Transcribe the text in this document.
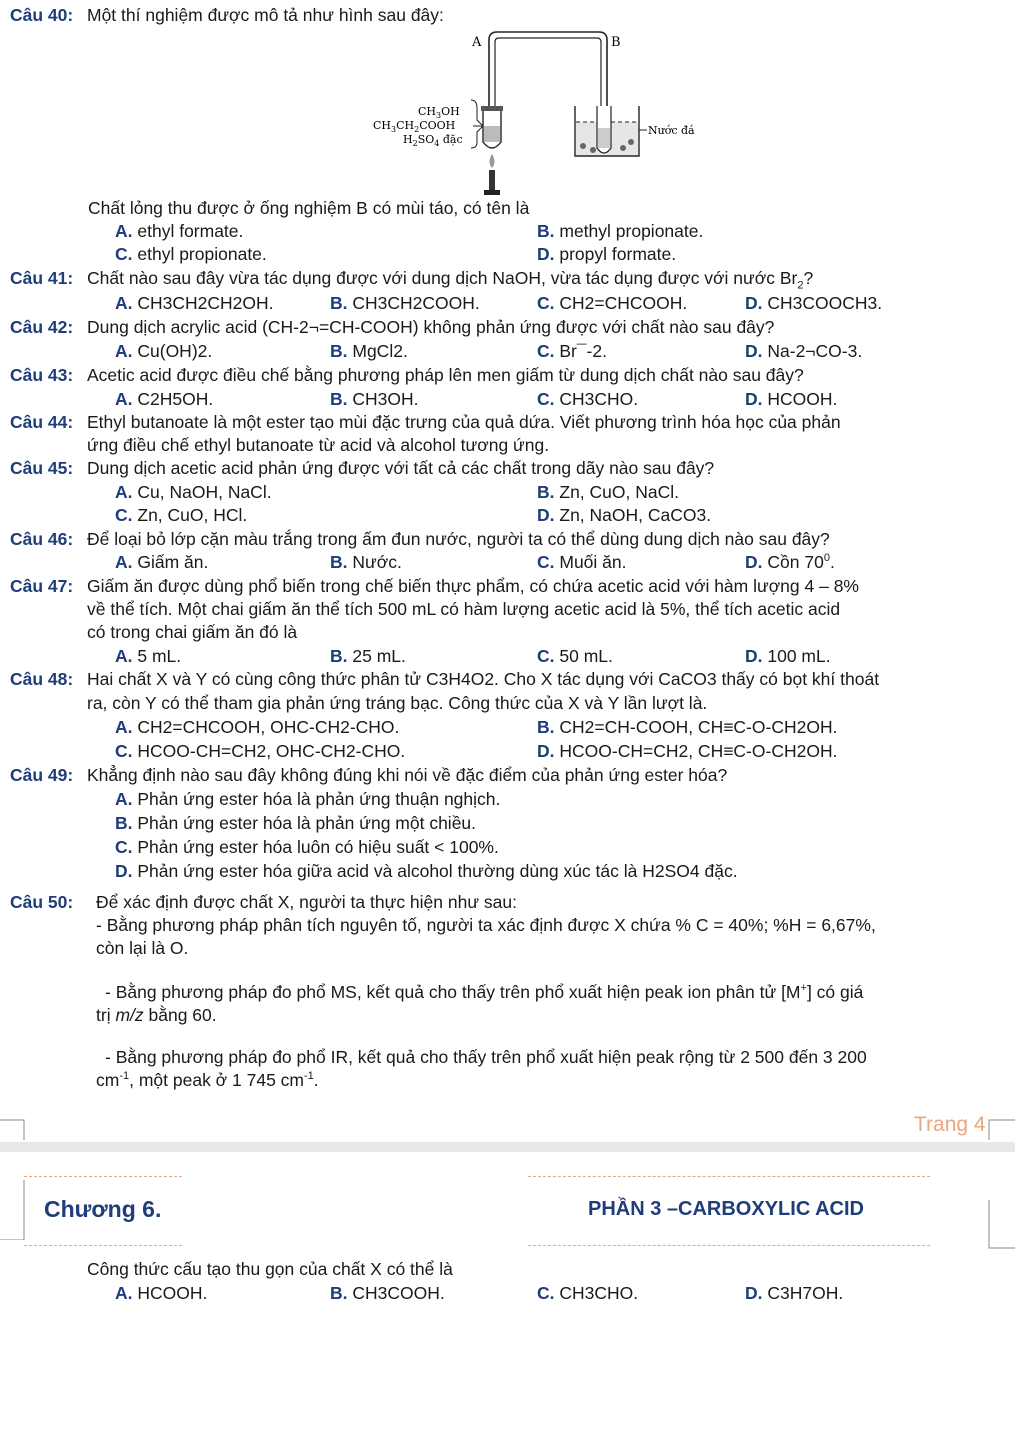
Câu 40: Một thí nghiệm được mô tả như hình sau đây:
A	B
$CH_3OH$
$CH_3CH_2COOH$
$H_2SO_4$ đặc
Nước đá
Chất lỏng thu được ở ống nghiệm B có mùi táo, có tên là
A. ethyl formate.	B. methyl propionate.
C. ethyl propionate.	D. propyl formate.
Câu 41: Chất nào sau đây vừa tác dụng được với dung dịch NaOH, vừa tác dụng được với nước $Br_2$?
A. CH3CH2CH2OH.	B. CH3CH2COOH.	C. CH2=CHCOOH.	D. CH3COOCH3.
Câu 42: Dung dịch acrylic acid (CH-2¬=CH-COOH) không phản ứng được với chất nào sau đây?
A. Cu(OH)2.	B. MgCl2.	C. Br¯-2.	D. Na-2¬CO-3.
Câu 43: Acetic acid được điều chế bằng phương pháp lên men giấm từ dung dịch chất nào sau đây?
A. C2H5OH.	B. CH3OH.	C. CH3CHO.	D. HCOOH.
Câu 44: Ethyl butanoate là một ester tạo mùi đặc trưng của quả dứa. Viết phương trình hóa học của phản
ứng điều chế ethyl butanoate từ acid và alcohol tương ứng.
Câu 45: Dung dịch acetic acid phản ứng được với tất cả các chất trong dãy nào sau đây?
A. Cu, NaOH, NaCl.	B. Zn, CuO, NaCl.
C. Zn, CuO, HCl.	D. Zn, NaOH, CaCO3.
Câu 46: Để loại bỏ lớp cặn màu trắng trong ấm đun nước, người ta có thể dùng dung dịch nào sau đây?
A. Giấm ăn.	B. Nước.	C. Muối ăn.	D. Cồn $70^0$.
Câu 47: Giấm ăn được dùng phổ biến trong chế biến thực phẩm, có chứa acetic acid với hàm lượng 4 – 8%
về thể tích. Một chai giấm ăn thể tích 500 mL có hàm lượng acetic acid là 5%, thể tích acetic acid
có trong chai giấm ăn đó là
A. 5 mL.	B. 25 mL.	C. 50 mL.	D. 100 mL.
Câu 48: Hai chất X và Y có cùng công thức phân tử C3H4O2. Cho X tác dụng với CaCO3 thấy có bọt khí thoát
ra, còn Y có thể tham gia phản ứng tráng bạc. Công thức của X và Y lần lượt là.
A. CH2=CHCOOH, OHC-CH2-CHO.	B. CH2=CH-COOH, CH≡C-O-CH2OH.
C. HCOO-CH=CH2, OHC-CH2-CHO.	D. HCOO-CH=CH2, CH≡C-O-CH2OH.
Câu 49: Khẳng định nào sau đây không đúng khi nói về đặc điểm của phản ứng ester hóa?
A. Phản ứng ester hóa là phản ứng thuận nghịch.
B. Phản ứng ester hóa là phản ứng một chiều.
C. Phản ứng ester hóa luôn có hiệu suất < 100%.
D. Phản ứng ester hóa giữa acid và alcohol thường dùng xúc tác là H2SO4 đặc.
Câu 50: Để xác định được chất X, người ta thực hiện như sau:
- Bằng phương pháp phân tích nguyên tố, người ta xác định được X chứa % C = 40%; %H = 6,67%,
còn lại là O.
- Bằng phương pháp đo phổ MS, kết quả cho thấy trên phổ xuất hiện peak ion phân tử [M+] có giá
trị m/z bằng 60.
- Bằng phương pháp đo phổ IR, kết quả cho thấy trên phổ xuất hiện peak rộng từ 2 500 đến 3 200
$cm^{-1}$, một peak ở 1 745 $cm^{-1}$.
Trang 4
Chương 6.	PHẦN 3 –CARBOXYLIC ACID
Công thức cấu tạo thu gọn của chất X có thể là
A. HCOOH.	B. CH3COOH.	C. CH3CHO.	D. C3H7OH.
